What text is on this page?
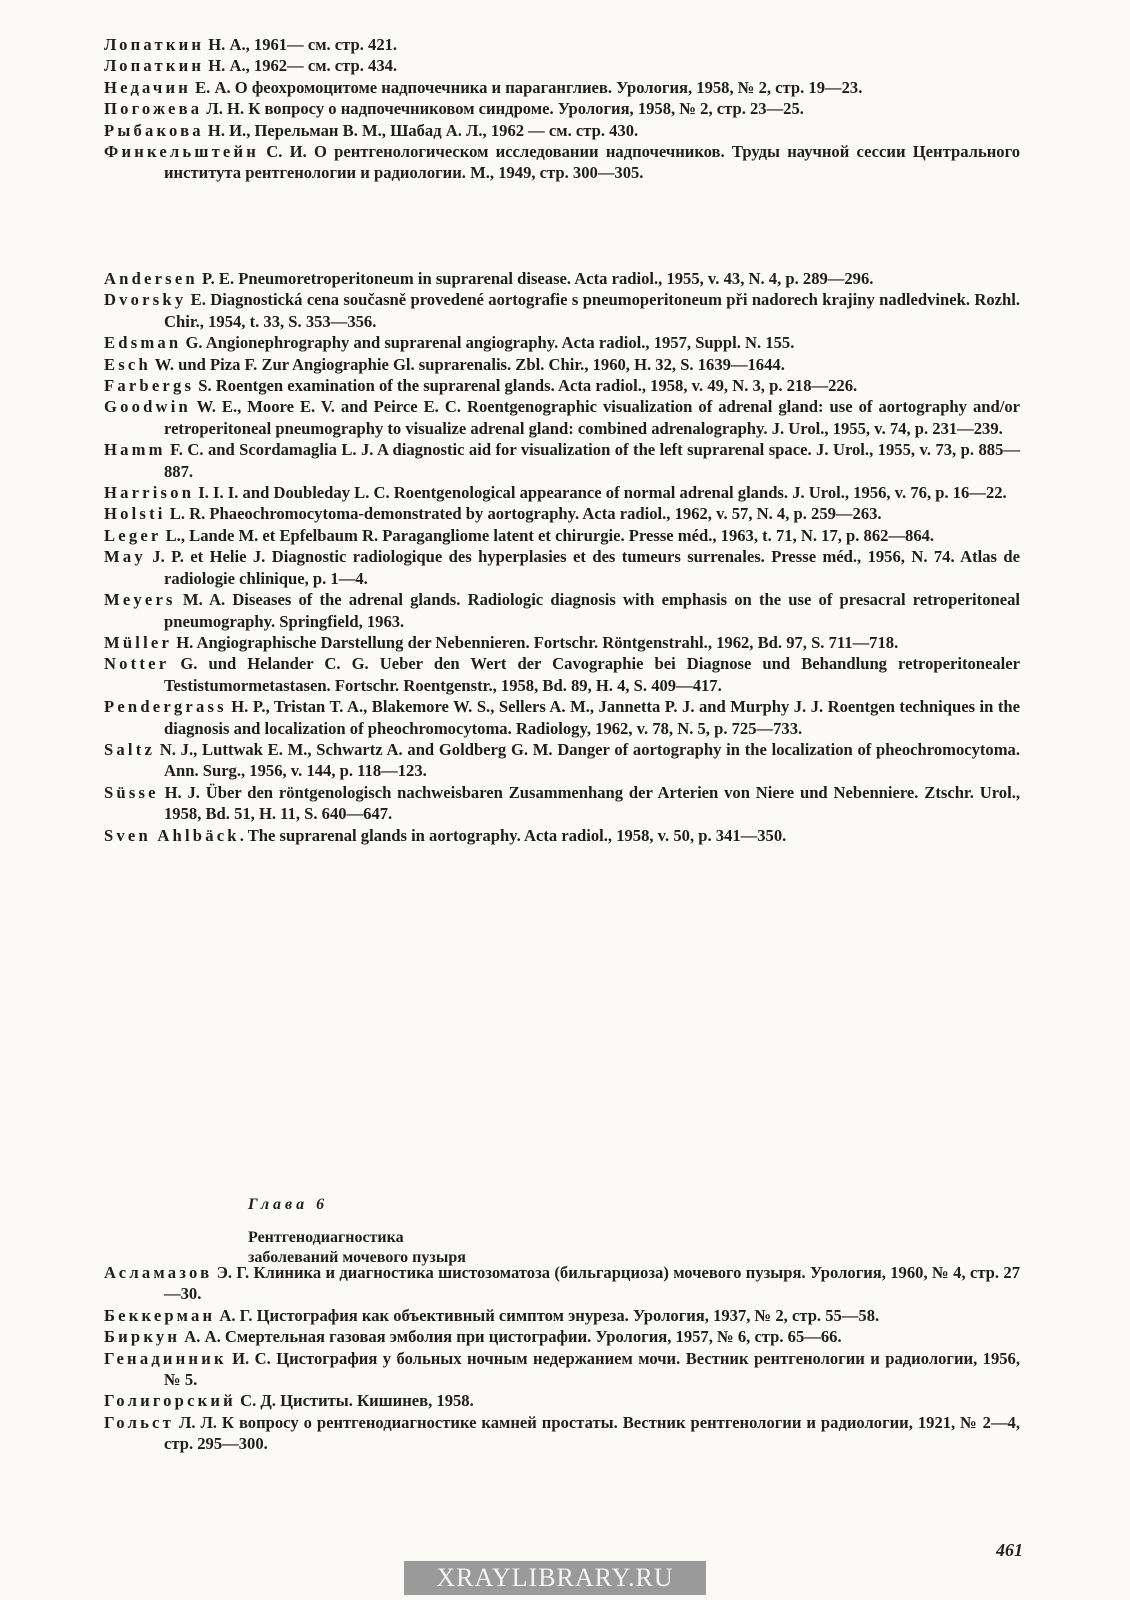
Лопаткин Н. А., 1961— см. стр. 421.

Лопаткин Н. А., 1962— см. стр. 434.

Недачин Е. А. О феохромоцитоме надпочечника и параганглиев. Урология, 1958, № 2, стр. 19—23.

Погожева Л. Н. К вопросу о надпочечниковом синдроме. Урология, 1958, № 2, стр. 23—25.

Рыбакова Н. И., Перельман В. М., Шабад А. Л., 1962 — см. стр. 430.

Финкельштейн С. И. О рентгенологическом исследовании надпочечников. Труды научной сессии Центрального института рентгенологии и радиологии. М., 1949, стр. 300—305.

Andersen P. E. Pneumoretroperitoneum in suprarenal disease. Acta radiol., 1955, v. 43, N. 4, p. 289—296.

Dvorsky E. Diagnostická cena současně provedené aortografie s pneumoperitoneum při nadorech krajiny nadledvinek. Rozhl. Chir., 1954, t. 33, S. 353—356.

Edsman G. Angionephrography and suprarenal angiography. Acta radiol., 1957, Suppl. N. 155.

Esch W. und Piza F. Zur Angiographie Gl. suprarenalis. Zbl. Chir., 1960, H. 32, S. 1639—1644.

Farbergs S. Roentgen examination of the suprarenal glands. Acta radiol., 1958, v. 49, N. 3, p. 218—226.

Goodwin W. E., Moore E. V. and Peirce E. C. Roentgenographic visualization of adrenal gland: use of aortography and/or retroperitoneal pneumography to visualize adrenal gland: combined adrenalography. J. Urol., 1955, v. 74, p. 231—239.

Hamm F. C. and Scordamaglia L. J. A diagnostic aid for visualization of the left suprarenal space. J. Urol., 1955, v. 73, p. 885—887.

Harrison I. I. I. and Doubleday L. C. Roentgenological appearance of normal adrenal glands. J. Urol., 1956, v. 76, p. 16—22.

Holsti L. R. Phaeochromocytoma-demonstrated by aortography. Acta radiol., 1962, v. 57, N. 4, p. 259—263.

Leger L., Lande M. et Epfelbaum R. Paragangliome latent et chirurgie. Presse méd., 1963, t. 71, N. 17, p. 862—864.

May J. P. et Helie J. Diagnostic radiologique des hyperplasies et des tumeurs surrenales. Presse méd., 1956, N. 74. Atlas de radiologie chlinique, p. 1—4.

Meyers M. A. Diseases of the adrenal glands. Radiologic diagnosis with emphasis on the use of presacral retroperitoneal pneumography. Springfield, 1963.

Müller H. Angiographische Darstellung der Nebennieren. Fortschr. Röntgenstrahl., 1962, Bd. 97, S. 711—718.

Notter G. und Helander C. G. Ueber den Wert der Cavographie bei Diagnose und Behandlung retroperitonealer Testistumormetastasen. Fortschr. Roentgenstr., 1958, Bd. 89, H. 4, S. 409—417.

Pendergrass H. P., Tristan T. A., Blakemore W. S., Sellers A. M., Jannetta P. J. and Murphy J. J. Roentgen techniques in the diagnosis and localization of pheochromocytoma. Radiology, 1962, v. 78, N. 5, p. 725—733.

Saltz N. J., Luttwak E. M., Schwartz A. and Goldberg G. M. Danger of aortography in the localization of pheochromocytoma. Ann. Surg., 1956, v. 144, p. 118—123.

Süsse H. J. Über den röntgenologisch nachweisbaren Zusammenhang der Arterien von Niere und Nebenniere. Ztschr. Urol., 1958, Bd. 51, H. 11, S. 640—647.

Sven Ahlbäck. The suprarenal glands in aortography. Acta radiol., 1958, v. 50, p. 341—350.

Глава 6
Рентгенодиагностика
заболеваний мочевого пузыря

Асламазов Э. Г. Клиника и диагностика шистозоматоза (бильгарциоза) мочевого пузыря. Урология, 1960, № 4, стр. 27—30.

Беккерман А. Г. Цистография как объективный симптом энуреза. Урология, 1937, № 2, стр. 55—58.

Биркун А. А. Смертельная газовая эмболия при цистографии. Урология, 1957, № 6, стр. 65—66.

Генадинник И. С. Цистография у больных ночным недержанием мочи. Вестник рентгенологии и радиологии, 1956, № 5.

Голигорский С. Д. Циститы. Кишинев, 1958.

Гольст Л. Л. К вопросу о рентгенодиагностике камней простаты. Вестник рентгенологии и радиологии, 1921, № 2—4, стр. 295—300.

461
XRAYLIBRARY.RU
